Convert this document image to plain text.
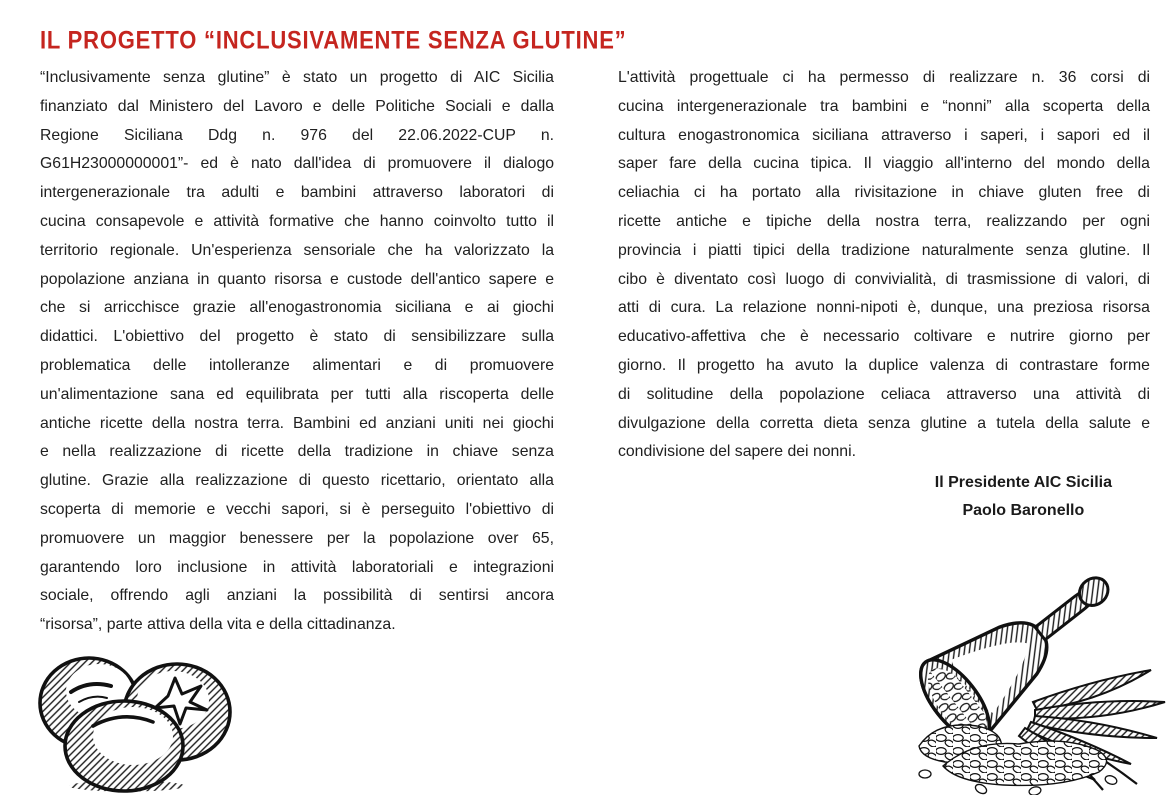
IL PROGETTO “INCLUSIVAMENTE SENZA GLUTINE”
“Inclusivamente senza glutine” è stato un progetto di AIC Sicilia
finanziato dal Ministero del Lavoro e delle Politiche Sociali e dalla
Regione Siciliana Ddg n. 976 del 22.06.2022-CUP n.
G61H23000000001”- ed è nato dall'idea di promuovere il dialogo
intergenerazionale tra adulti e bambini attraverso laboratori di
cucina consapevole e attività formative che hanno coinvolto tutto il
territorio regionale. Un'esperienza sensoriale che ha valorizzato la
popolazione anziana in quanto risorsa e custode dell'antico sapere e
che si arricchisce grazie all'enogastronomia siciliana e ai giochi
didattici. L'obiettivo del progetto è stato di sensibilizzare sulla
problematica delle intolleranze alimentari e di promuovere
un'alimentazione sana ed equilibrata per tutti alla riscoperta delle
antiche ricette della nostra terra. Bambini ed anziani uniti nei giochi
e nella realizzazione di ricette della tradizione in chiave senza
glutine. Grazie alla realizzazione di questo ricettario, orientato alla
scoperta di memorie e vecchi sapori, si è perseguito l'obiettivo di
promuovere un maggior benessere per la popolazione over 65,
garantendo loro inclusione in attività laboratoriali e integrazioni
sociale, offrendo agli anziani la possibilità di sentirsi ancora
“risorsa”, parte attiva della vita e della cittadinanza.
L'attività progettuale ci ha permesso di realizzare n. 36 corsi di
cucina intergenerazionale tra bambini e “nonni” alla scoperta della
cultura enogastronomica siciliana attraverso i saperi, i sapori ed il
saper fare della cucina tipica. Il viaggio all'interno del mondo della
celiachia ci ha portato alla rivisitazione in chiave gluten free di
ricette antiche e tipiche della nostra terra, realizzando per ogni
provincia i piatti tipici della tradizione naturalmente senza glutine. Il
cibo è diventato così luogo di convivialità, di trasmissione di valori, di
atti di cura. La relazione nonni-nipoti è, dunque, una preziosa risorsa
educativo-affettiva che è necessario coltivare e nutrire giorno per
giorno. Il progetto ha avuto la duplice valenza di contrastare forme
di solitudine della popolazione celiaca attraverso una attività di
divulgazione della corretta dieta senza glutine a tutela della salute e
condivisione del sapere dei nonni.
Il Presidente AIC Sicilia
Paolo Baronello
